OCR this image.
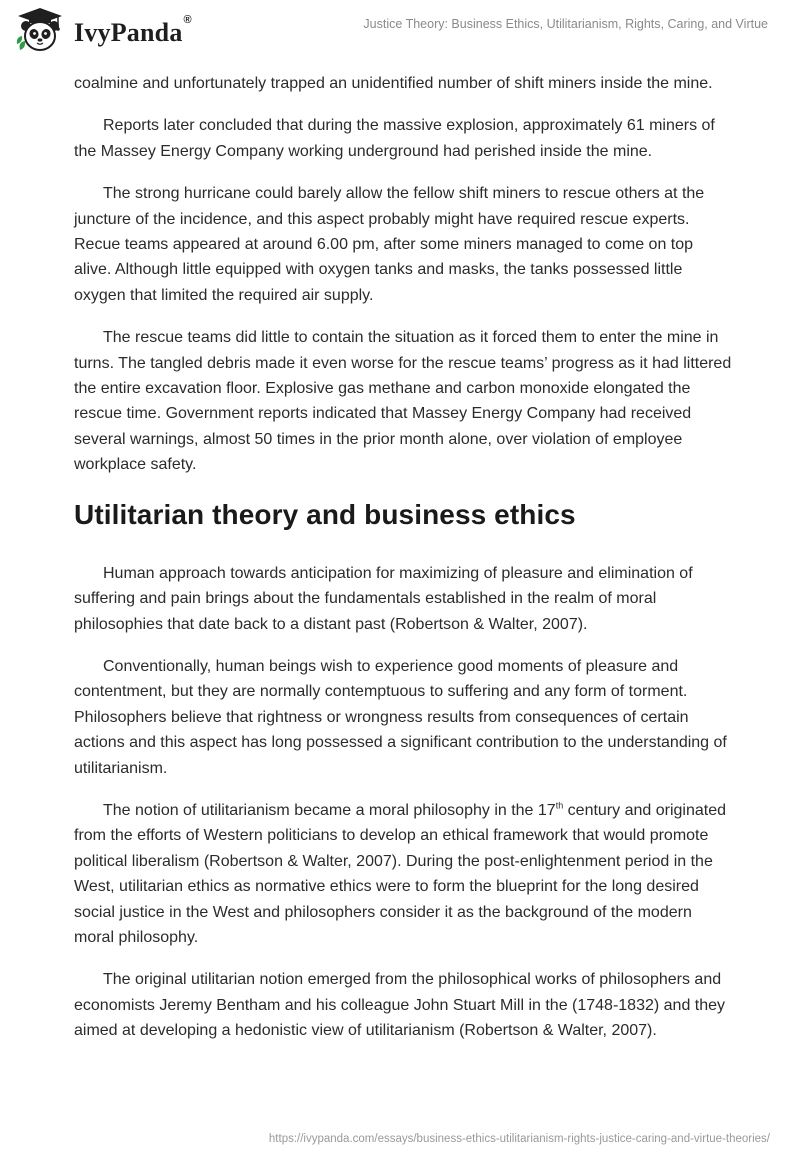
IvyPanda®	Justice Theory: Business Ethics, Utilitarianism, Rights, Caring, and Virtue

coalmine and unfortunately trapped an unidentified number of shift miners inside the mine.

Reports later concluded that during the massive explosion, approximately 61 miners of the Massey Energy Company working underground had perished inside the mine.

The strong hurricane could barely allow the fellow shift miners to rescue others at the juncture of the incidence, and this aspect probably might have required rescue experts. Recue teams appeared at around 6.00 pm, after some miners managed to come on top alive. Although little equipped with oxygen tanks and masks, the tanks possessed little oxygen that limited the required air supply.

The rescue teams did little to contain the situation as it forced them to enter the mine in turns. The tangled debris made it even worse for the rescue teams’ progress as it had littered the entire excavation floor. Explosive gas methane and carbon monoxide elongated the rescue time. Government reports indicated that Massey Energy Company had received several warnings, almost 50 times in the prior month alone, over violation of employee workplace safety.

Utilitarian theory and business ethics

Human approach towards anticipation for maximizing of pleasure and elimination of suffering and pain brings about the fundamentals established in the realm of moral philosophies that date back to a distant past (Robertson & Walter, 2007).

Conventionally, human beings wish to experience good moments of pleasure and contentment, but they are normally contemptuous to suffering and any form of torment. Philosophers believe that rightness or wrongness results from consequences of certain actions and this aspect has long possessed a significant contribution to the understanding of utilitarianism.

The notion of utilitarianism became a moral philosophy in the 17th century and originated from the efforts of Western politicians to develop an ethical framework that would promote political liberalism (Robertson & Walter, 2007). During the post-enlightenment period in the West, utilitarian ethics as normative ethics were to form the blueprint for the long desired social justice in the West and philosophers consider it as the background of the modern moral philosophy.

The original utilitarian notion emerged from the philosophical works of philosophers and economists Jeremy Bentham and his colleague John Stuart Mill in the (1748-1832) and they aimed at developing a hedonistic view of utilitarianism (Robertson & Walter, 2007).

https://ivypanda.com/essays/business-ethics-utilitarianism-rights-justice-caring-and-virtue-theories/
